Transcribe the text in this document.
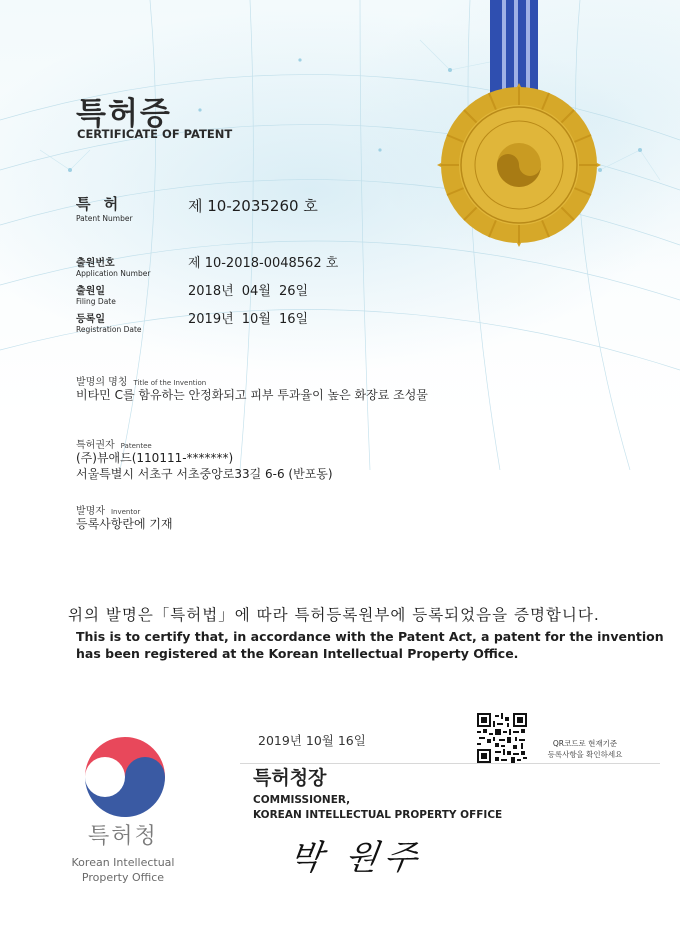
특허증
CERTIFICATE OF PATENT
특 허
Patent Number
제 10-2035260 호
출원번호
Application Number
제 10-2018-0048562 호
출원일
Filing Date
2018년 04월 26일
등록일
Registration Date
2019년 10월 16일
발명의 명칭 Title of the Invention
비타민 C를 함유하는 안정화되고 피부 투과율이 높은 화장료 조성물
특허권자 Patentee
(주)뷰애드(110111-*******)
서울특별시 서초구 서초중앙로33길 6-6 (반포동)
발명자 Inventor
등록사항란에 기재
위의 발명은「특허법」에 따라 특허등록원부에 등록되었음을 증명합니다.
This is to certify that, in accordance with the Patent Act, a patent for the invention
has been registered at the Korean Intellectual Property Office.
2019년 10월 16일	QR코드로 현재기준
등록사항을 확인하세요
특허청장
COMMISSIONER,
KOREAN INTELLECTUAL PROPERTY OFFICE
박 원주
특허청
Korean Intellectual
Property Office
